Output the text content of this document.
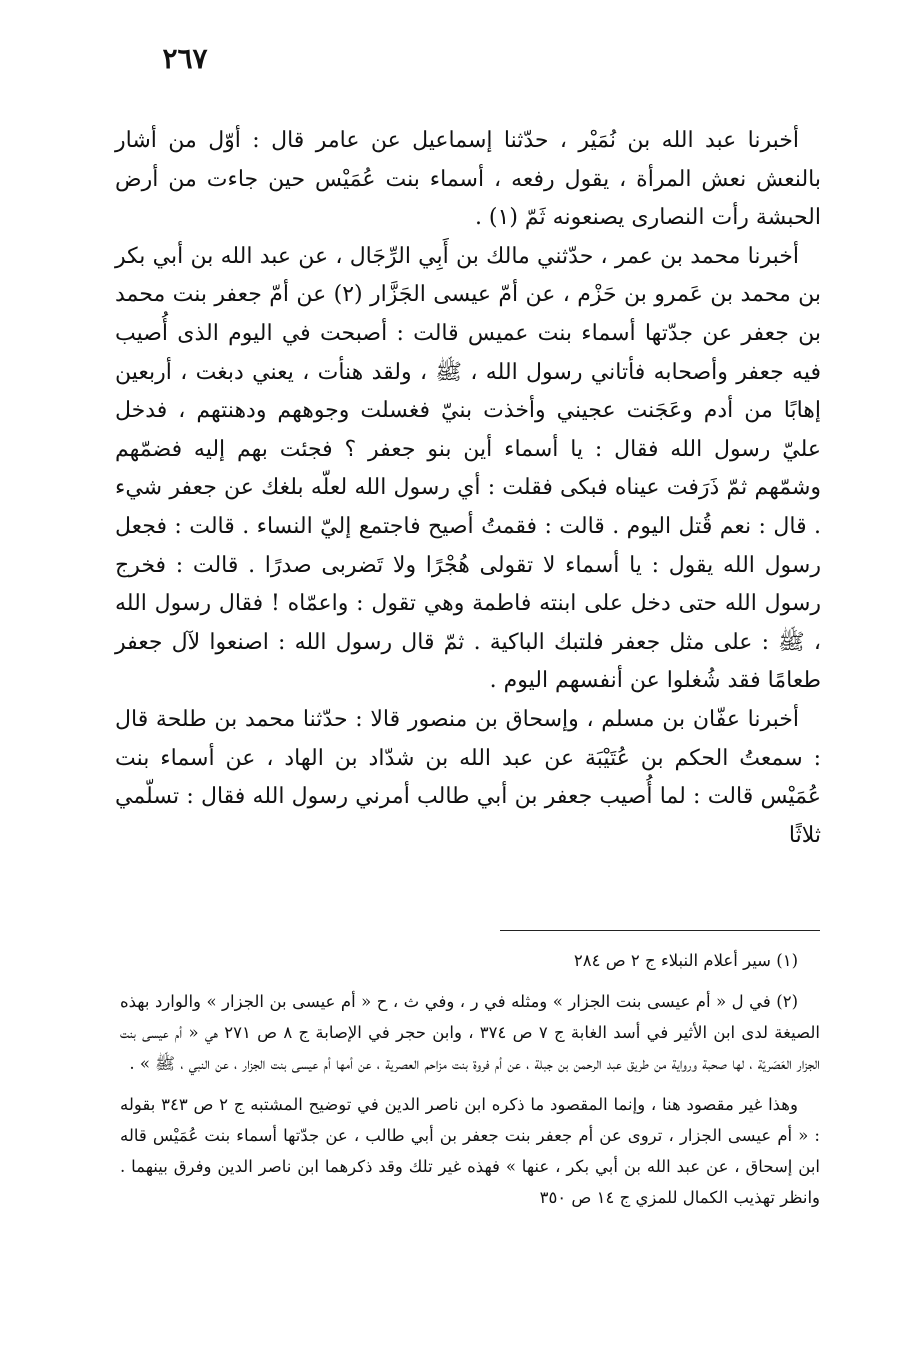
٢٦٧

أخبرنا عبد الله بن نُمَيْر ، حدّثنا إسماعيل عن عامر قال : أوّل من أشار بالنعش نعش المرأة ، يقول رفعه ، أسماء بنت عُمَيْس حين جاءت من أرض الحبشة رأت النصارى يصنعونه ثَمّ (١) .

أخبرنا محمد بن عمر ، حدّثني مالك بن أَبِي الرِّجَال ، عن عبد الله بن أبي بكر بن محمد بن عَمرو بن حَزْم ، عن أمّ عيسى الجَزَّار (٢) عن أمّ جعفر بنت محمد بن جعفر عن جدّتها أسماء بنت عميس قالت : أصبحت في اليوم الذى أُصيب فيه جعفر وأصحابه فأتاني رسول الله ، ﷺ ، ولقد هنأت ، يعني دبغت ، أربعين إهابًا من أدم وعَجَنت عجيني وأخذت بنيّ فغسلت وجوههم ودهنتهم ، فدخل عليّ رسول الله فقال : يا أسماء أين بنو جعفر ؟ فجئت بهم إليه فضمّهم وشمّهم ثمّ ذَرَفت عيناه فبكى فقلت : أي رسول الله لعلّه بلغك عن جعفر شيء . قال : نعم قُتل اليوم . قالت : فقمتُ أصيح فاجتمع إليّ النساء . قالت : فجعل رسول الله يقول : يا أسماء لا تقولى هُجْرًا ولا تَضربى صدرًا . قالت : فخرج رسول الله حتى دخل على ابنته فاطمة وهي تقول : واعمّاه ! فقال رسول الله ، ﷺ : على مثل جعفر فلتبك الباكية . ثمّ قال رسول الله : اصنعوا لآل جعفر طعامًا فقد شُغلوا عن أنفسهم اليوم .

أخبرنا عفّان بن مسلم ، وإسحاق بن منصور قالا : حدّثنا محمد بن طلحة قال : سمعتُ الحكم بن عُتَيْبَة عن عبد الله بن شدّاد بن الهاد ، عن أسماء بنت عُمَيْس قالت : لما أُصيب جعفر بن أبي طالب أمرني رسول الله فقال : تسلّمي ثلاثًا

(١) سير أعلام النبلاء ج ٢ ص ٢٨٤

(٢) في ل « أم عيسى بنت الجزار » ومثله في ر ، وفي ث ، ح « أم عيسى بن الجزار » والوارد بهذه الصيغة لدى ابن الأثير في أسد الغابة ج ٧ ص ٣٧٤ ، وابن حجر في الإصابة ج ٨ ص ٢٧١ هي « أم عيسى بنت الجزار العَصَريّة ، لها صحبة ورواية من طريق عبد الرحمن بن جبلة ، عن أم فروة بنت مزاحم العصرية ، عن أمها أم عيسى بنت الجزار ، عن النبي ، ﷺ » .

وهذا غير مقصود هنا ، وإنما المقصود ما ذكره ابن ناصر الدين في توضيح المشتبه ج ٢ ص ٣٤٣ بقوله : « أم عيسى الجزار ، تروى عن أم جعفر بنت جعفر بن أبي طالب ، عن جدّتها أسماء بنت عُمَيْس قاله ابن إسحاق ، عن عبد الله بن أبي بكر ، عنها » فهذه غير تلك وقد ذكرهما ابن ناصر الدين وفرق بينهما . وانظر تهذيب الكمال للمزي ج ١٤ ص ٣٥٠
